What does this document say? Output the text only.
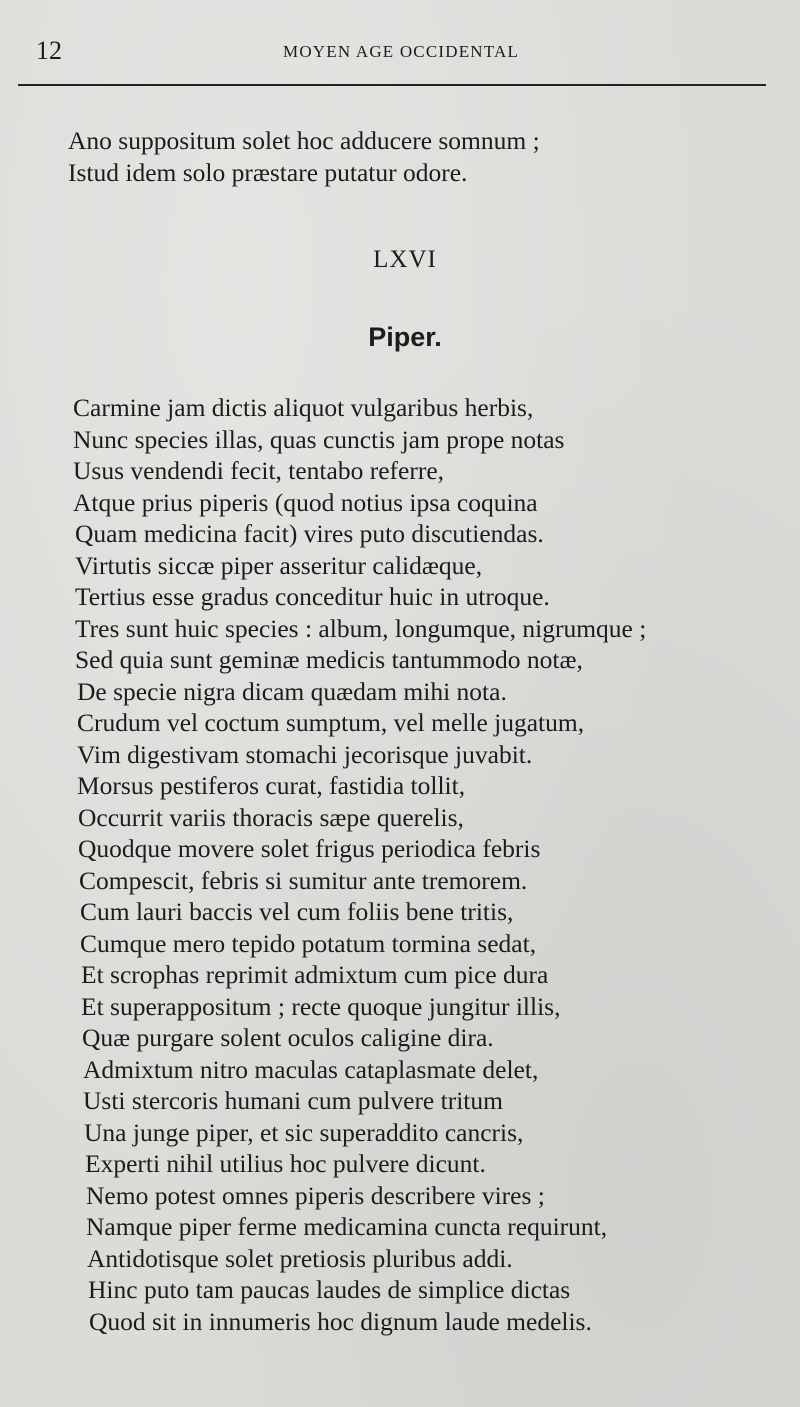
12	MOYEN AGE OCCIDENTAL
Ano suppositum solet hoc adducere somnum ;
Istud idem solo præstare putatur odore.
LXVI
Piper.
Carmine jam dictis aliquot vulgaribus herbis,
Nunc species illas, quas cunctis jam prope notas
Usus vendendi fecit, tentabo referre,
Atque prius piperis (quod notius ipsa coquina
Quam medicina facit) vires puto discutiendas.
Virtutis siccæ piper asseritur calidæque,
Tertius esse gradus conceditur huic in utroque.
Tres sunt huic species : album, longumque, nigrumque ;
Sed quia sunt geminæ medicis tantummodo notæ,
De specie nigra dicam quædam mihi nota.
Crudum vel coctum sumptum, vel melle jugatum,
Vim digestivam stomachi jecorisque juvabit.
Morsus pestiferos curat, fastidia tollit,
Occurrit variis thoracis sæpe querelis,
Quodque movere solet frigus periodica febris
Compescit, febris si sumitur ante tremorem.
Cum lauri baccis vel cum foliis bene tritis,
Cumque mero tepido potatum tormina sedat,
Et scrophas reprimit admixtum cum pice dura
Et superappositum ; recte quoque jungitur illis,
Quæ purgare solent oculos caligine dira.
Admixtum nitro maculas cataplasmate delet,
Usti stercoris humani cum pulvere tritum
Una junge piper, et sic superaddito cancris,
Experti nihil utilius hoc pulvere dicunt.
Nemo potest omnes piperis describere vires ;
Namque piper ferme medicamina cuncta requirunt,
Antidotisque solet pretiosis pluribus addi.
Hinc puto tam paucas laudes de simplice dictas
Quod sit in innumeris hoc dignum laude medelis.
